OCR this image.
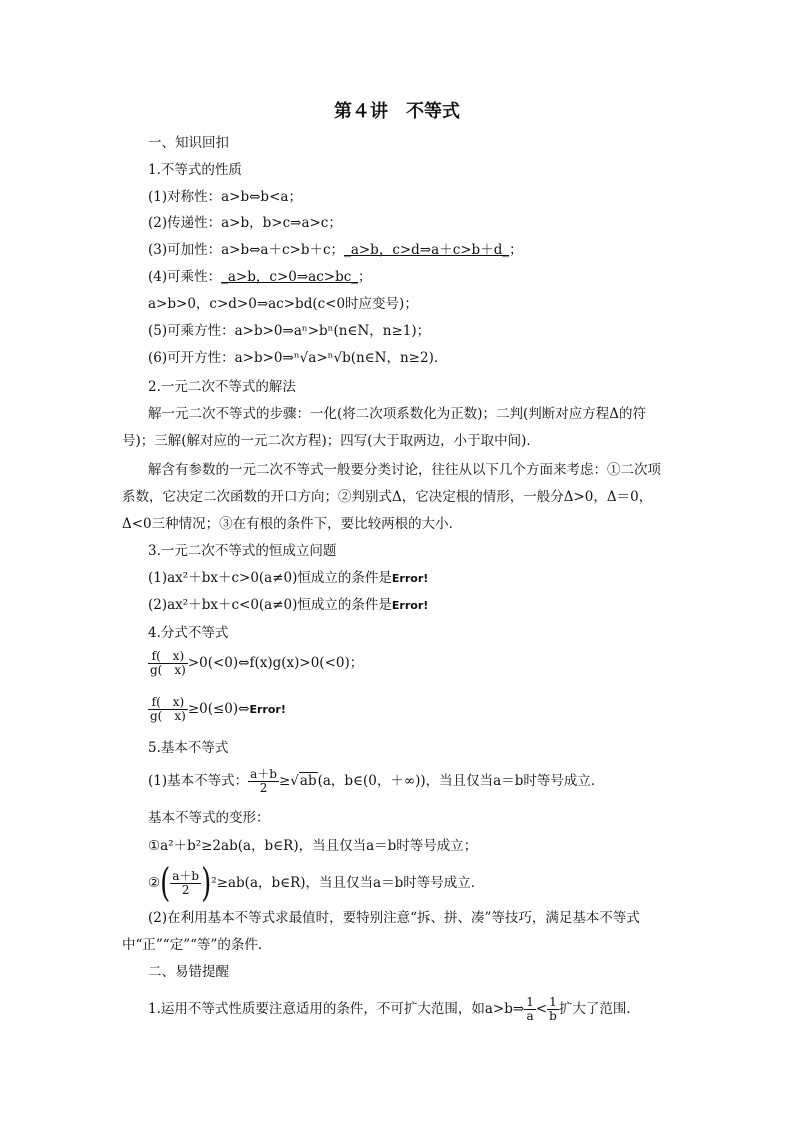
第４讲 不等式
一、知识回扣
1.不等式的性质
(1)对称性：a>b⇔b<a；
(2)传递性：a>b，b>c⇒a>c；
(3)可加性：a>b⇔a＋c>b＋c；_a>b，c>d⇒a＋c>b＋d_；
(4)可乘性：_a>b，c>0⇒ac>bc_；
a>b>0，c>d>0⇒ac>bd(c<0时应变号)；
(5)可乘方性：a>b>0⇒aⁿ>bⁿ(n∈N，n≥1)；
(6)可开方性：a>b>0⇒ⁿ√a>ⁿ√b(n∈N，n≥2)．
2.一元二次不等式的解法
解一元二次不等式的步骤：一化(将二次项系数化为正数)；二判(判断对应方程Δ的符
号)；三解(解对应的一元二次方程)；四写(大于取两边，小于取中间)．
解含有参数的一元二次不等式一般要分类讨论，往往从以下几个方面来考虑：①二次项
系数，它决定二次函数的开口方向；②判别式Δ，它决定根的情形，一般分Δ>0，Δ＝0，
Δ<0三种情况；③在有根的条件下，要比较两根的大小．
3.一元二次不等式的恒成立问题
(1)ax²＋bx＋c>0(a≠0)恒成立的条件是Error!
(2)ax²＋bx＋c<0(a≠0)恒成立的条件是Error!
4.分式不等式
$\frac{f( x)}{g( x)}$ >0(<0)⇔f(x)g(x)>0(<0)；
$\frac{f( x)}{g( x)}$ ≥0(≤0)⇔Error!
5.基本不等式
(1)基本不等式： $\frac{a+b}{2} \ge√ab(a$，b∈(0，＋∞))，当且仅当a＝b时等号成立．
基本不等式的变形：
①a²＋b²≥2ab(a，b∈R)，当且仅当a＝b时等号成立；
②( $\frac{a+b}{2} )^2\ge ab(a$，b∈R)，当且仅当a＝b时等号成立．
(2)在利用基本不等式求最值时，要特别注意“拆、拼、凑”等技巧，满足基本不等式
中“正”“定”“等”的条件．
二、易错提醒
1.运用不等式性质要注意适用的条件，不可扩大范围，如a>b⇒ $\frac{1}{a} < \frac{1}{b}$ 扩大了范围．
